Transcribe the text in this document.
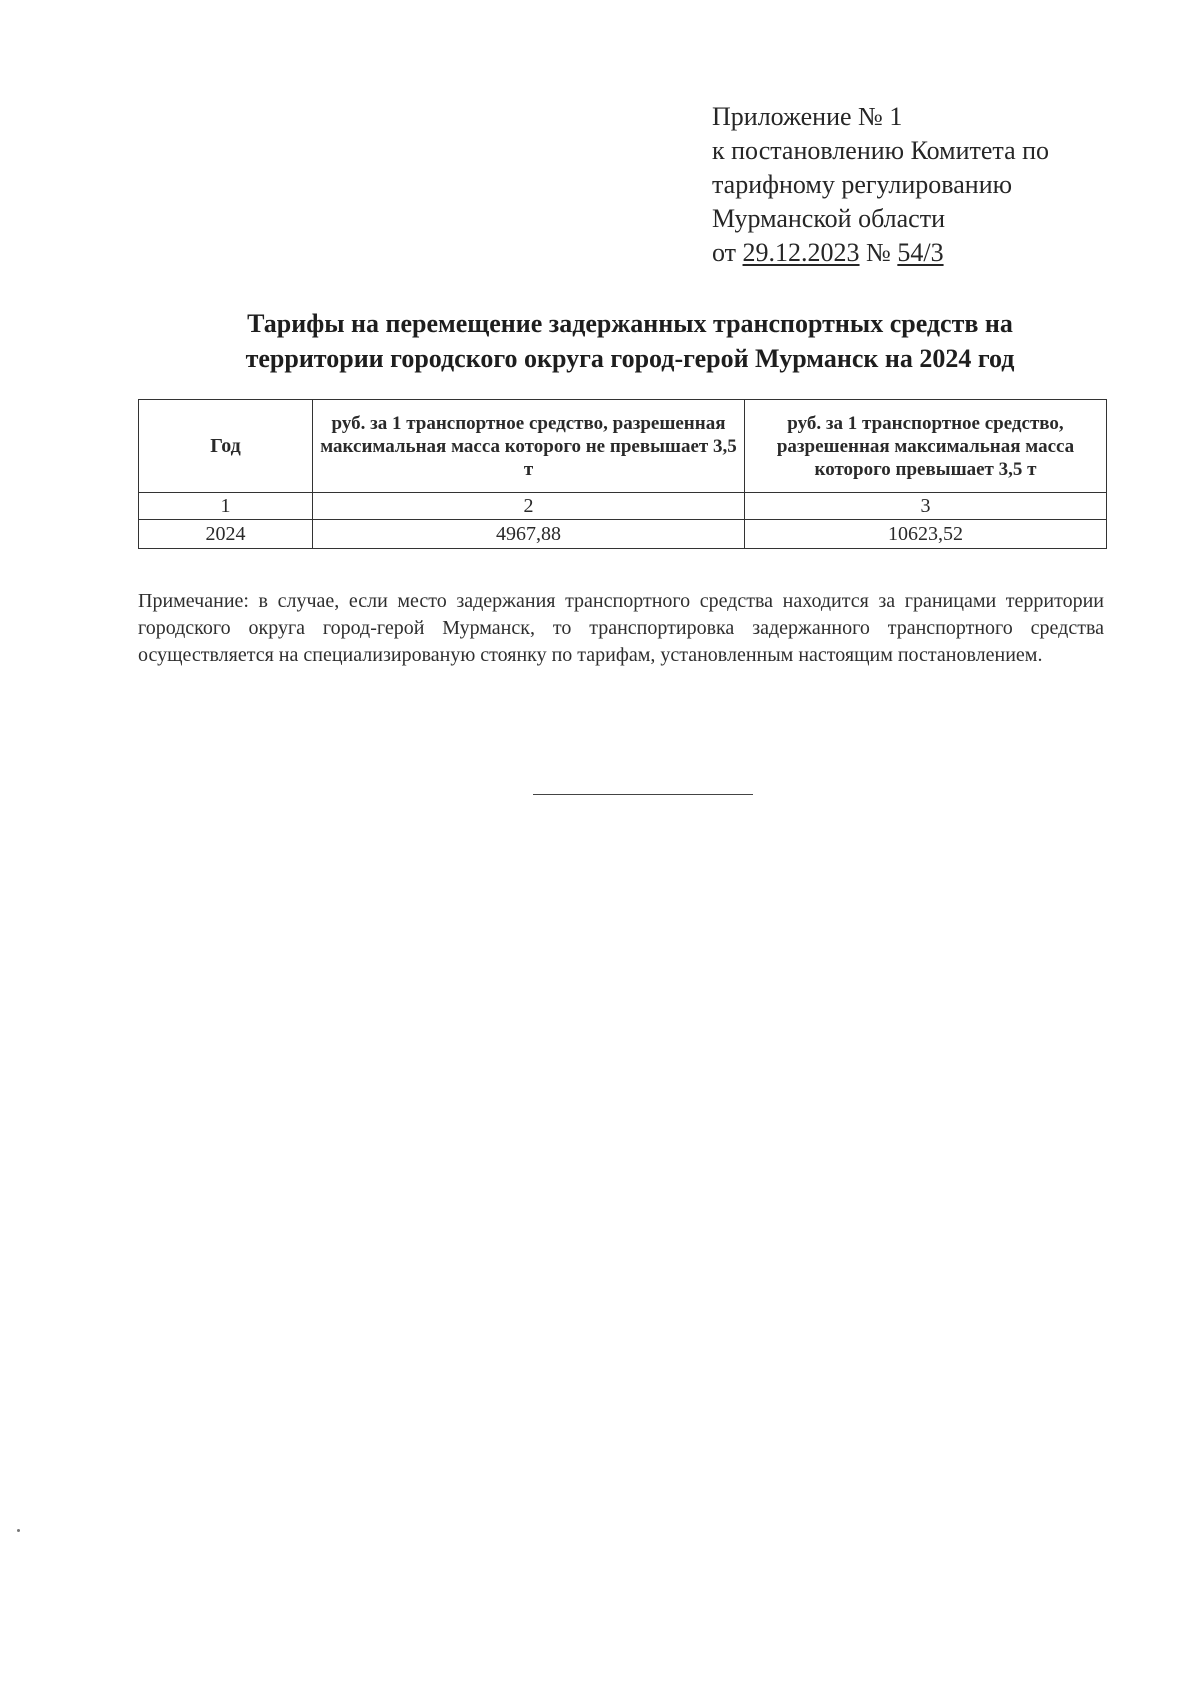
Приложение № 1
к постановлению Комитета по
тарифному регулированию
Мурманской области
от 29.12.2023 № 54/3
Тарифы на перемещение задержанных транспортных средств на
территории городского округа город-герой Мурманск на 2024 год
Год	руб. за 1 транспортное средство, разрешенная максимальная масса которого не превышает 3,5 т	руб. за 1 транспортное средство, разрешенная максимальная масса которого превышает 3,5 т
1	2	3
2024	4967,88	10623,52
Примечание: в случае, если место задержания транспортного средства находится за границами территории городского округа город-герой Мурманск, то транспортировка задержанного транспортного средства осуществляется на специализированую стоянку по тарифам, установленным настоящим постановлением.
